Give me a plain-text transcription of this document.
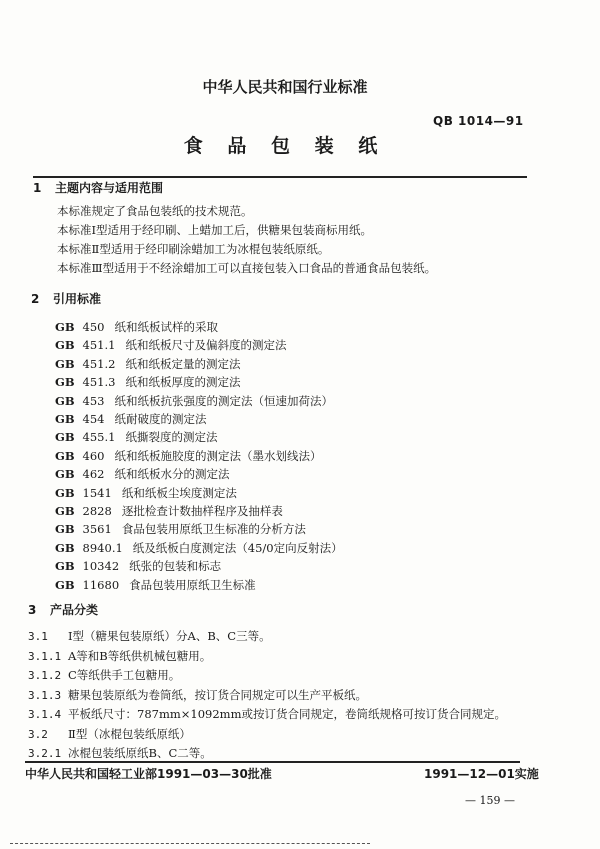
中华人民共和国行业标准
QB 1014—91
食 品 包 装 纸
1 主题内容与适用范围
本标准规定了食品包装纸的技术规范。
本标准Ⅰ型适用于经印刷、上蜡加工后，供糖果包装商标用纸。
本标准Ⅱ型适用于经印刷涂蜡加工为冰棍包装纸原纸。
本标准Ⅲ型适用于不经涂蜡加工可以直接包装入口食品的普通食品包装纸。
2 引用标准
GB 450 纸和纸板试样的采取
GB 451.1 纸和纸板尺寸及偏斜度的测定法
GB 451.2 纸和纸板定量的测定法
GB 451.3 纸和纸板厚度的测定法
GB 453 纸和纸板抗张强度的测定法（恒速加荷法）
GB 454 纸耐破度的测定法
GB 455.1 纸撕裂度的测定法
GB 460 纸和纸板施胶度的测定法（墨水划线法）
GB 462 纸和纸板水分的测定法
GB 1541 纸和纸板尘埃度测定法
GB 2828 逐批检查计数抽样程序及抽样表
GB 3561 食品包装用原纸卫生标准的分析方法
GB 8940.1 纸及纸板白度测定法（45/0定向反射法）
GB 10342 纸张的包装和标志
GB 11680 食品包装用原纸卫生标准
3 产品分类
3.1 Ⅰ型（糖果包装原纸）分A、B、C三等。
3.1.1 A等和B等纸供机械包糖用。
3.1.2 C等纸供手工包糖用。
3.1.3 糖果包装原纸为卷筒纸，按订货合同规定可以生产平板纸。
3.1.4 平板纸尺寸：787mm×1092mm或按订货合同规定，卷筒纸规格可按订货合同规定。
3.2 Ⅱ型（冰棍包装纸原纸）
3.2.1 冰棍包装纸原纸B、C二等。
中华人民共和国轻工业部1991—03—30批准	1991—12—01实施
— 159 —
